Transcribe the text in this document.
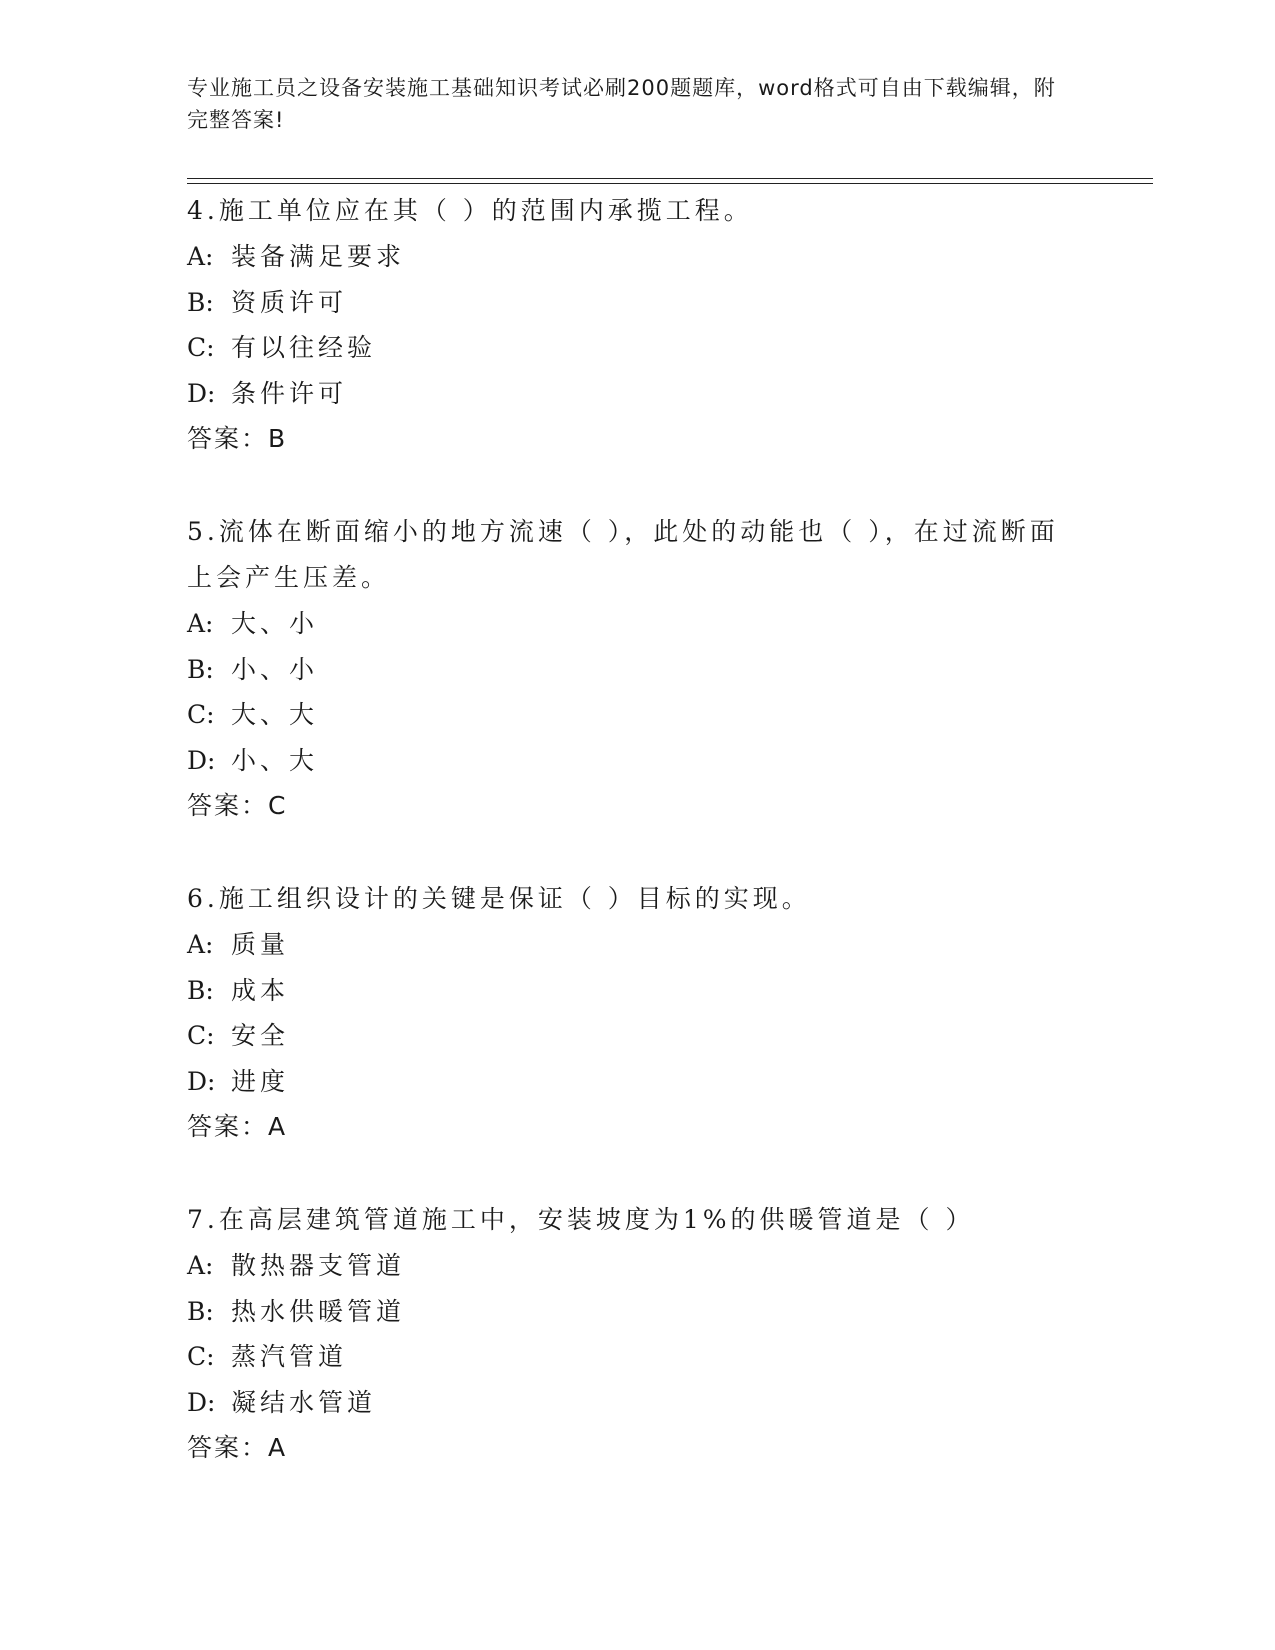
专业施工员之设备安装施工基础知识考试必刷200题题库，word格式可自由下载编辑，附完整答案!

4.施工单位应在其（ ）的范围内承揽工程。

A: 装备满足要求

B: 资质许可

C: 有以往经验

D: 条件许可

答案：B

5.流体在断面缩小的地方流速（ ），此处的动能也（ ），在过流断面上会产生压差。

A: 大、小

B: 小、小

C: 大、大

D: 小、大

答案：C

6.施工组织设计的关键是保证（ ）目标的实现。

A: 质量

B: 成本

C: 安全

D: 进度

答案：A

7.在高层建筑管道施工中，安装坡度为1%的供暖管道是（ ）

A: 散热器支管道

B: 热水供暖管道

C: 蒸汽管道

D: 凝结水管道

答案：A
